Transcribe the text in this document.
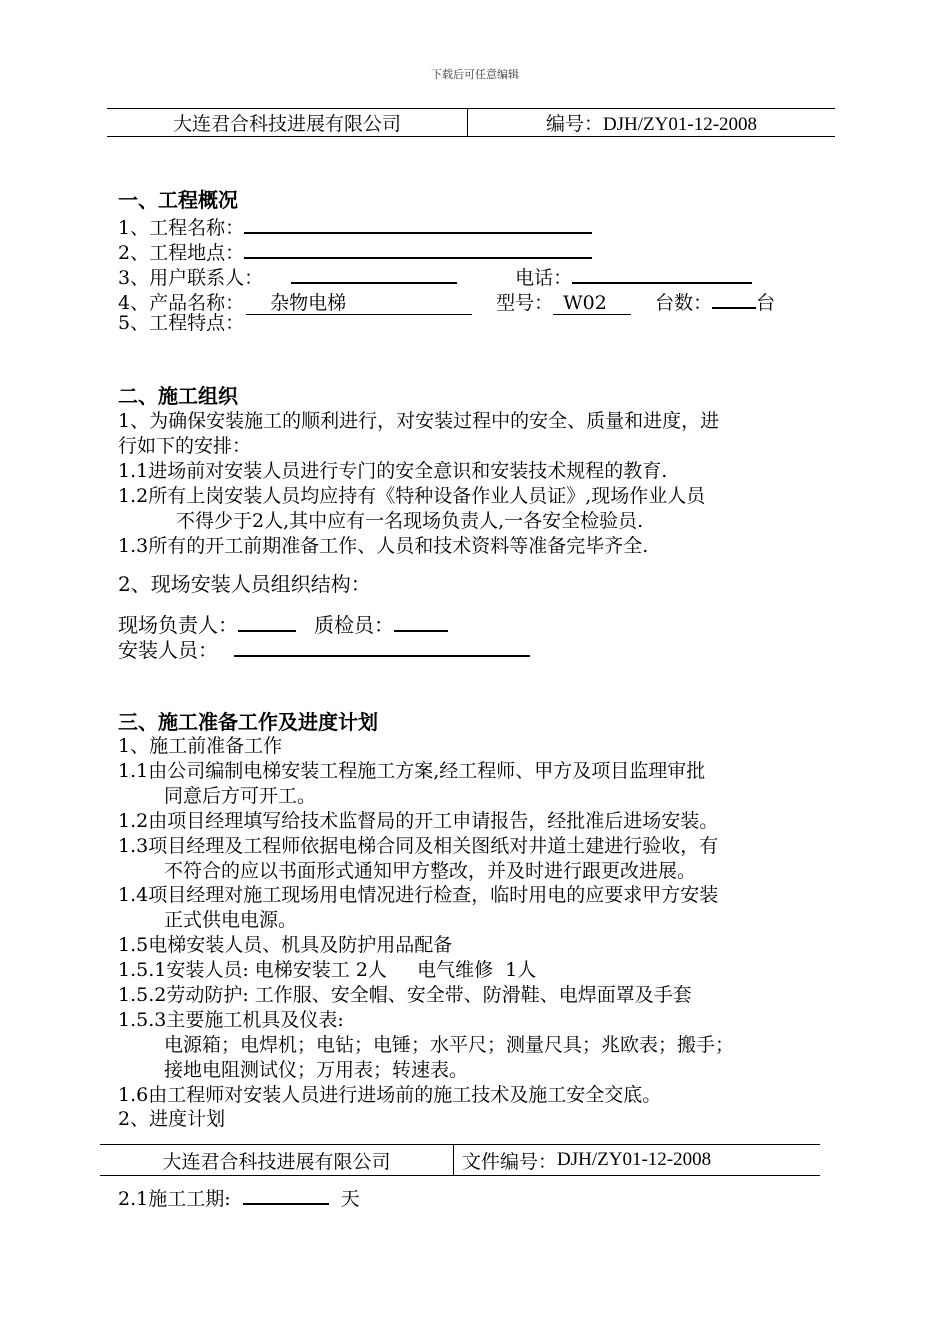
下载后可任意编辑
大连君合科技进展有限公司	编号：DJH/ZY01-12-2008
一、工程概况
1、工程名称：
2、工程地点：
3、用户联系人：	电话：
4、产品名称： 杂物电梯	型号： W02	台数： 台
5、工程特点：
二、施工组织
1、为确保安装施工的顺利进行，对安装过程中的安全、质量和进度，进
行如下的安排：
1.1进场前对安装人员进行专门的安全意识和安装技术规程的教育.
1.2所有上岗安装人员均应持有《特种设备作业人员证》,现场作业人员
不得少于2人,其中应有一名现场负责人,一各安全检验员.
1.3所有的开工前期准备工作、人员和技术资料等准备完毕齐全.
2、现场安装人员组织结构：
现场负责人：	质检员：
安装人员：
三、施工准备工作及进度计划
1、施工前准备工作
1.1由公司编制电梯安装工程施工方案,经工程师、甲方及项目监理审批
同意后方可开工。
1.2由项目经理填写给技术监督局的开工申请报告，经批准后进场安装。
1.3项目经理及工程师依据电梯合同及相关图纸对井道土建进行验收，有
不符合的应以书面形式通知甲方整改，并及时进行跟更改进展。
1.4项目经理对施工现场用电情况进行检查，临时用电的应要求甲方安装
正式供电电源。
1.5电梯安装人员、机具及防护用品配备
1.5.1安装人员: 电梯安装工 2人     电气维修  1人
1.5.2劳动防护: 工作服、安全帽、安全带、防滑鞋、电焊面罩及手套
1.5.3主要施工机具及仪表:
电源箱；电焊机；电钻；电锤；水平尺；测量尺具；兆欧表；搬手；
接地电阻测试仪；万用表；转速表。
1.6由工程师对安装人员进行进场前的施工技术及施工安全交底。
2、进度计划
大连君合科技进展有限公司	文件编号： DJH/ZY01-12-2008
2.1施工工期:	天
